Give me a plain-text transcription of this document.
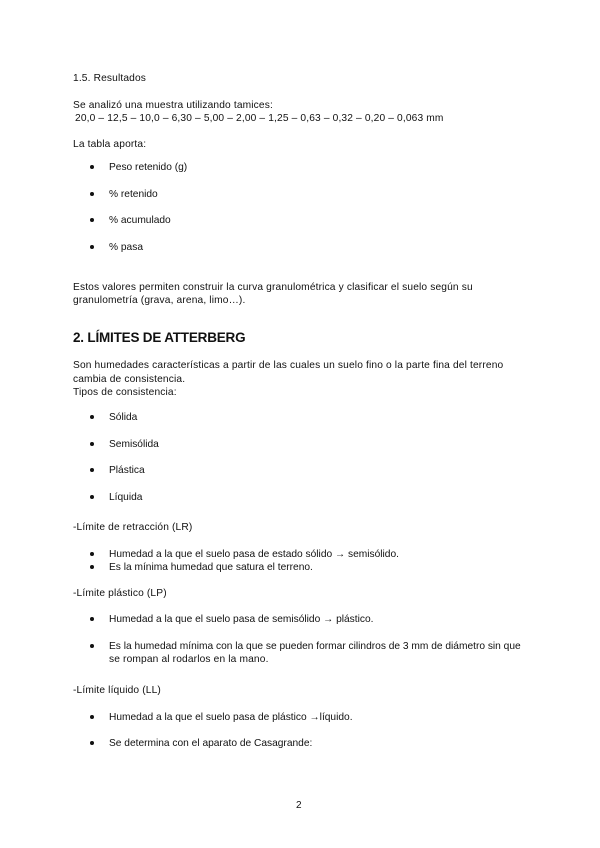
1.5. Resultados
Se analizó una muestra utilizando tamices:
20,0 – 12,5 – 10,0 – 6,30 – 5,00 – 2,00 – 1,25 – 0,63 – 0,32 – 0,20 – 0,063 mm
La tabla aporta:
Peso retenido (g)
% retenido
% acumulado
% pasa
Estos valores permiten construir la curva granulométrica y clasificar el suelo según su
granulometría (grava, arena, limo…).
2. LÍMITES DE ATTERBERG
Son humedades características a partir de las cuales un suelo fino o la parte fina del terreno
cambia de consistencia.
Tipos de consistencia:
Sólida
Semisólida
Plástica
Líquida
-Límite de retracción (LR)
Humedad a la que el suelo pasa de estado sólido → semisólido.
Es la mínima humedad que satura el terreno.
-Límite plástico (LP)
Humedad a la que el suelo pasa de semisólido → plástico.
Es la humedad mínima con la que se pueden formar cilindros de 3 mm de diámetro sin que
se rompan al rodarlos en la mano.
-Límite líquido (LL)
Humedad a la que el suelo pasa de plástico →líquido.
Se determina con el aparato de Casagrande:
2
